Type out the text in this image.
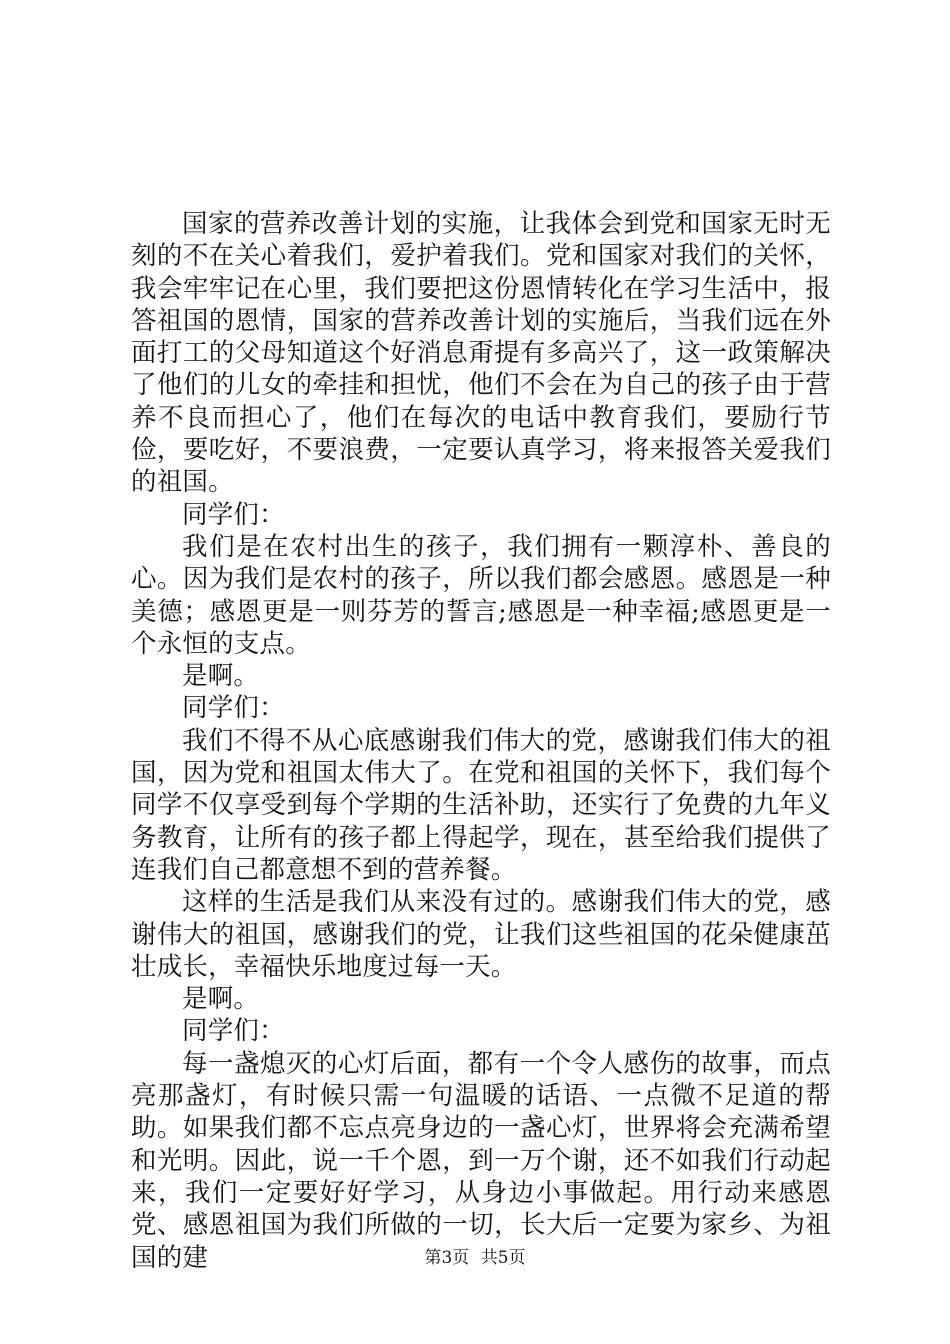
国家的营养改善计划的实施，让我体会到党和国家无时无刻的不在关心着我们，爱护着我们。党和国家对我们的关怀，我会牢牢记在心里，我们要把这份恩情转化在学习生活中，报答祖国的恩情，国家的营养改善计划的实施后，当我们远在外面打工的父母知道这个好消息甭提有多高兴了，这一政策解决了他们的儿女的牵挂和担忧，他们不会在为自己的孩子由于营养不良而担心了，他们在每次的电话中教育我们，要励行节俭，要吃好，不要浪费，一定要认真学习，将来报答关爱我们的祖国。

同学们：

我们是在农村出生的孩子，我们拥有一颗淳朴、善良的心。因为我们是农村的孩子，所以我们都会感恩。感恩是一种美德；感恩更是一则芬芳的誓言;感恩是一种幸福;感恩更是一个永恒的支点。

是啊。

同学们：

我们不得不从心底感谢我们伟大的党，感谢我们伟大的祖国，因为党和祖国太伟大了。在党和祖国的关怀下，我们每个同学不仅享受到每个学期的生活补助，还实行了免费的九年义务教育，让所有的孩子都上得起学，现在，甚至给我们提供了连我们自己都意想不到的营养餐。

这样的生活是我们从来没有过的。感谢我们伟大的党，感谢伟大的祖国，感谢我们的党，让我们这些祖国的花朵健康茁壮成长，幸福快乐地度过每一天。

是啊。

同学们：

每一盏熄灭的心灯后面，都有一个令人感伤的故事，而点亮那盏灯，有时候只需一句温暖的话语、一点微不足道的帮助。如果我们都不忘点亮身边的一盏心灯，世界将会充满希望和光明。因此，说一千个恩，到一万个谢，还不如我们行动起来，我们一定要好好学习，从身边小事做起。用行动来感恩党、感恩祖国为我们所做的一切，长大后一定要为家乡、为祖国的建	第3页 共5页
